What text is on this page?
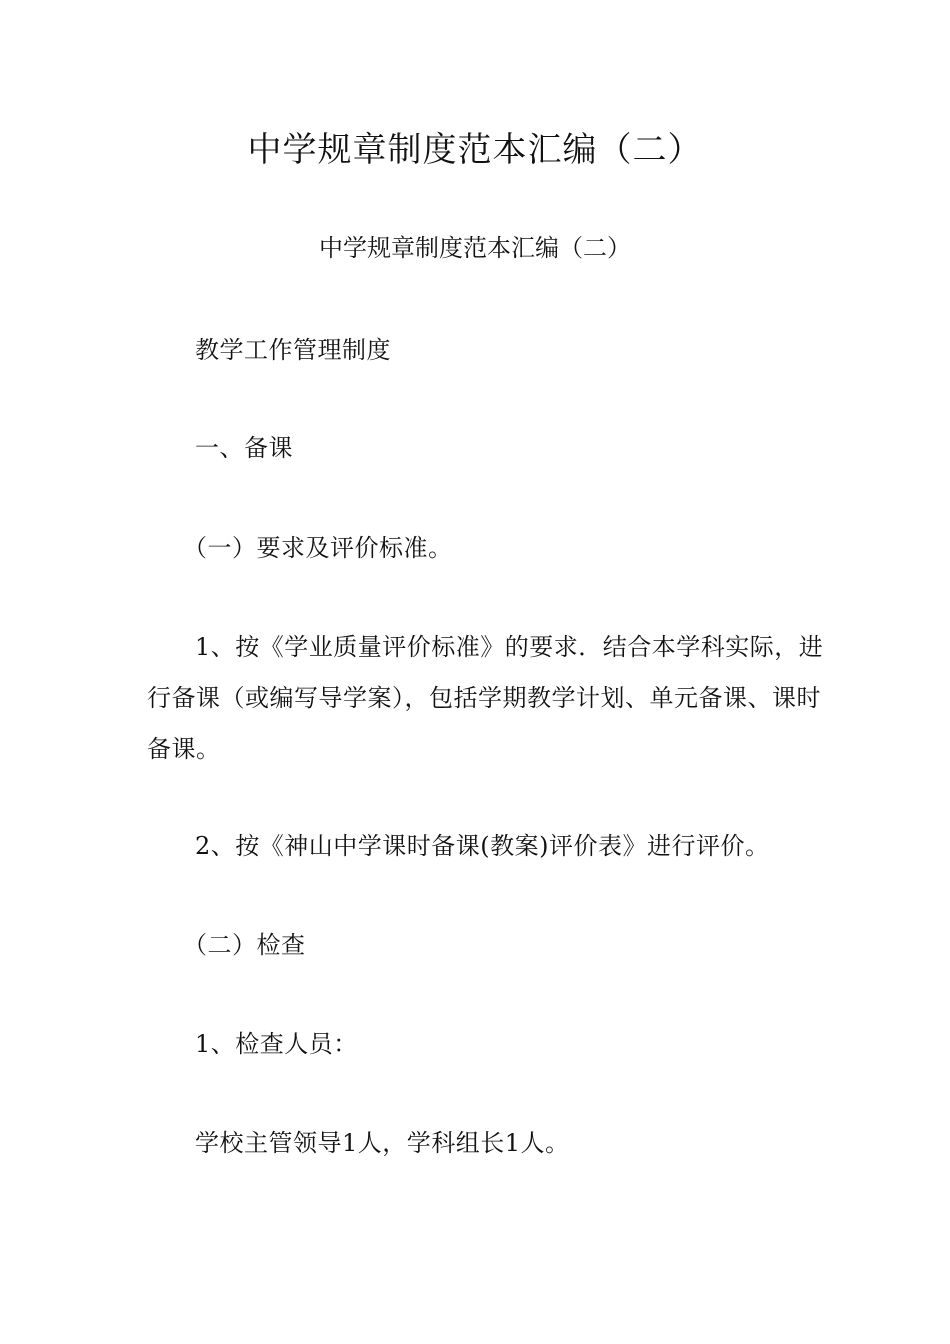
中学规章制度范本汇编（二）
中学规章制度范本汇编（二）
教学工作管理制度
一、备课
（一）要求及评价标准。
1、按《学业质量评价标准》的要求．结合本学科实际，进行备课（或编写导学案），包括学期教学计划、单元备课、课时备课。
2、按《神山中学课时备课(教案)评价表》进行评价。
（二）检查
1、检查人员：
学校主管领导1人，学科组长1人。
